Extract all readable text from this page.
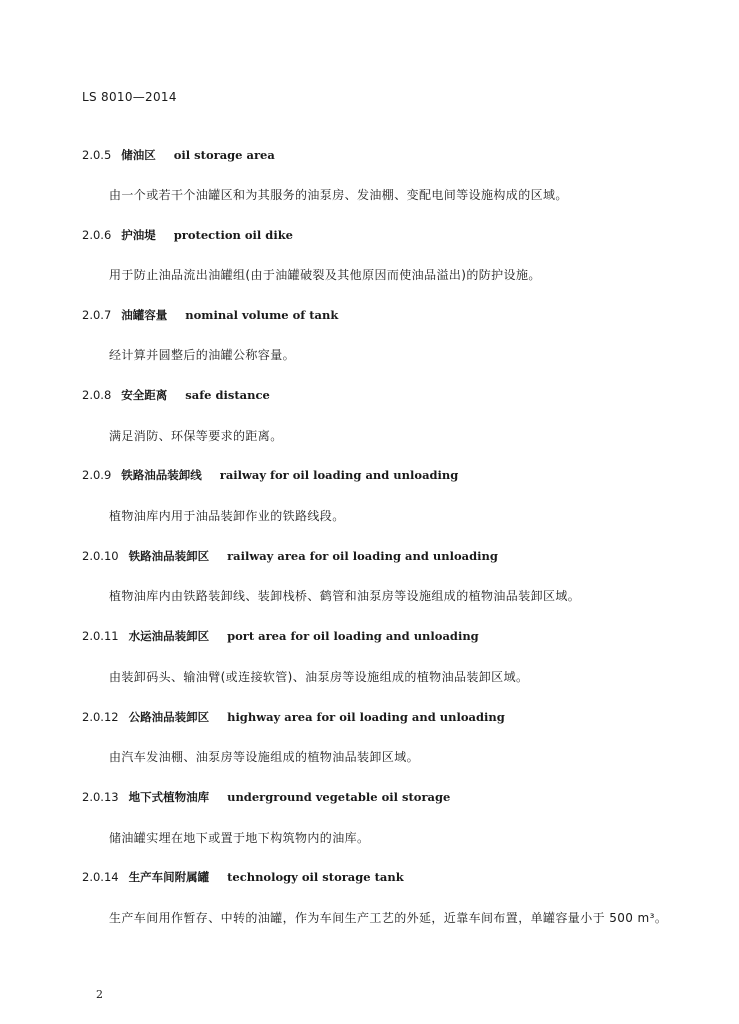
LS 8010—2014
2.0.5 储油区 oil storage area
由一个或若干个油罐区和为其服务的油泵房、发油棚、变配电间等设施构成的区域。
2.0.6 护油堤 protection oil dike
用于防止油品流出油罐组(由于油罐破裂及其他原因而使油品溢出)的防护设施。
2.0.7 油罐容量 nominal volume of tank
经计算并圆整后的油罐公称容量。
2.0.8 安全距离 safe distance
满足消防、环保等要求的距离。
2.0.9 铁路油品装卸线 railway for oil loading and unloading
植物油库内用于油品装卸作业的铁路线段。
2.0.10 铁路油品装卸区 railway area for oil loading and unloading
植物油库内由铁路装卸线、装卸栈桥、鹤管和油泵房等设施组成的植物油品装卸区域。
2.0.11 水运油品装卸区 port area for oil loading and unloading
由装卸码头、输油臂(或连接软管)、油泵房等设施组成的植物油品装卸区域。
2.0.12 公路油品装卸区 highway area for oil loading and unloading
由汽车发油棚、油泵房等设施组成的植物油品装卸区域。
2.0.13 地下式植物油库 underground vegetable oil storage
储油罐实埋在地下或置于地下构筑物内的油库。
2.0.14 生产车间附属罐 technology oil storage tank
生产车间用作暂存、中转的油罐，作为车间生产工艺的外延，近靠车间布置，单罐容量小于 500 m³。
2
